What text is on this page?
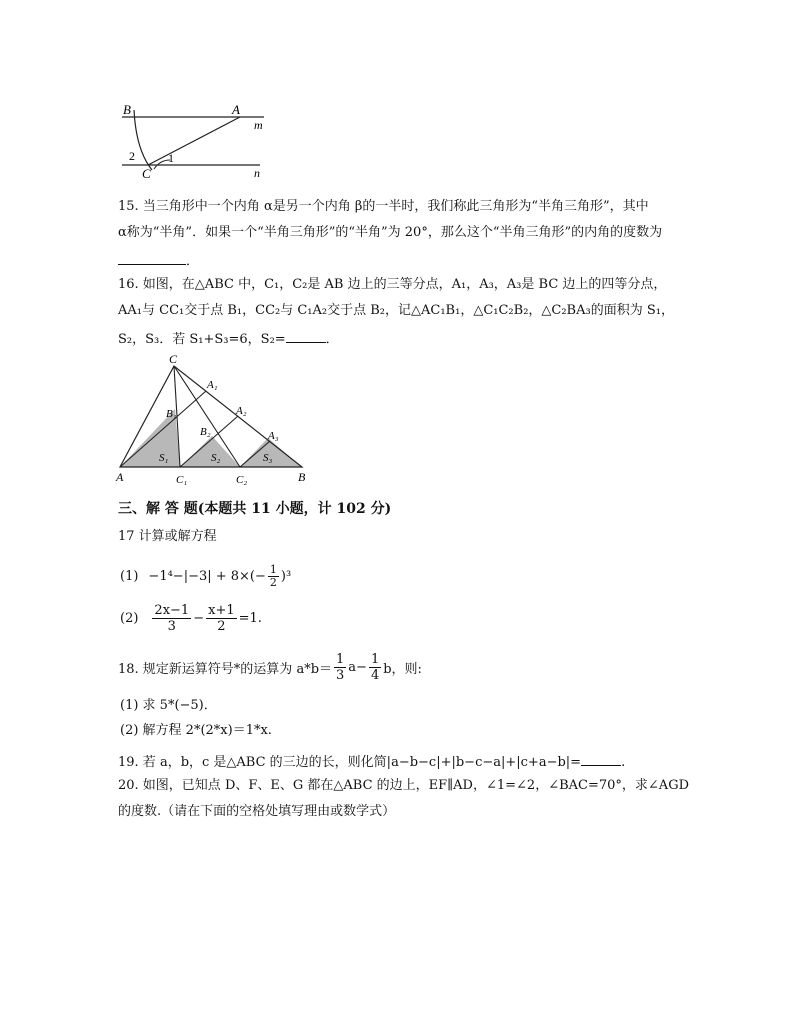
B	A
m
n
C
1
2
15. 当三角形中一个内角 α是另一个内角 β的一半时，我们称此三角形为“半角三角形”，其中
α称为“半角”．如果一个“半角三角形”的“半角”为 20°，那么这个“半角三角形”的内角的度数为
．
16. 如图，在△ABC 中，C₁，C₂是 AB 边上的三等分点，A₁，A₃，A₃是 BC 边上的四等分点，
AA₁与 CC₁交于点 B₁，CC₂与 C₁A₂交于点 B₂，记△AC₁B₁，△C₁C₂B₂，△C₂BA₃的面积为 S₁，
S₂，S₃．若 S₁+S₃=6，S₂=	．
C
A	B
A₁
A₂
A₃
B₁
B₂
C₁	C₂
S₁	S₂	S₃
三、解 答 题(本题共 11 小题，计 102 分)
17 计算或解方程
$(1) -1^4-|-3| + 8\times(- \frac{1}{2} )^3$
$(2) \frac{2x-1}{3} - \frac{x+1}{2} =1$.
18. 规定新运算符号*的运算为 $a*b= \frac{1}{3} a- \frac{1}{4}$ b，则:
(1) 求 5*(−5)．
(2) 解方程 2*(2*x)＝1*x.
19. 若 a，b，c 是△ABC 的三边的长，则化简|a−b−c|+|b−c−a|+|c+a−b|=	.
20. 如图，已知点 D、F、E、G 都在△ABC 的边上，EF∥AD，∠1=∠2，∠BAC=70°，求∠AGD
的度数.（请在下面的空格处填写理由或数学式）
